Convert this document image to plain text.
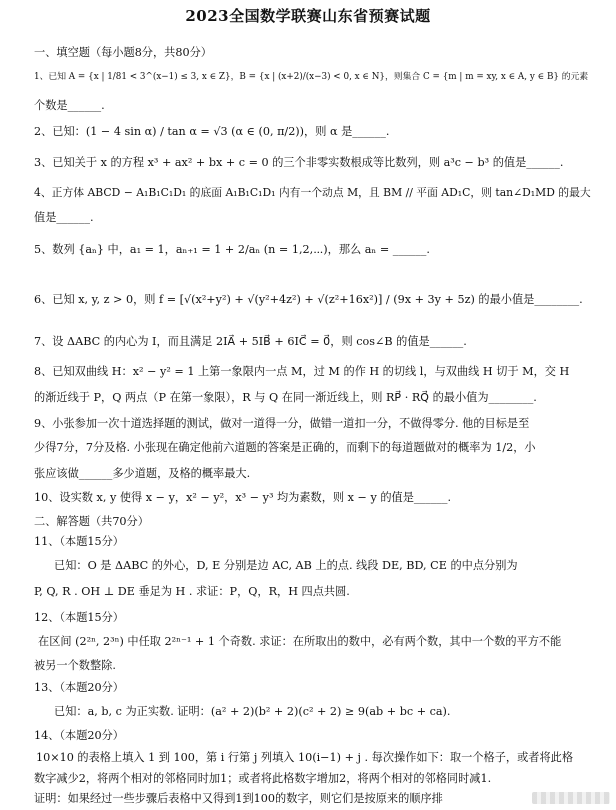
2023全国数学联赛山东省预赛试题
一、填空题（每小题8分，共80分）
1、已知 A = {x | 1/81 < 3^(x−1) ≤ 3, x ∈ Z}，B = {x | (x+2)/(x−3) < 0, x ∈ N}，则集合 C = {m | m = xy, x ∈ A, y ∈ B} 的元素
个数是______.
2、已知：(1 − 4 sin α) / tan α = √3 (α ∈ (0, π/2))，则 α 是______.
3、已知关于 x 的方程 x³ + ax² + bx + c = 0 的三个非零实数根成等比数列，则 a³c − b³ 的值是______.
4、正方体 ABCD − A₁B₁C₁D₁ 的底面 A₁B₁C₁D₁ 内有一个动点 M，且 BM // 平面 AD₁C，则 tan∠D₁MD 的最大
值是______.
5、数列 {aₙ} 中，a₁ = 1，aₙ₊₁ = 1 + 2/aₙ (n = 1,2,⋯)，那么 aₙ = ______.
6、已知 x, y, z > 0，则 f = [√(x²+y²) + √(y²+4z²) + √(z²+16x²)] / (9x + 3y + 5z) 的最小值是________.
7、设 ΔABC 的内心为 I，而且满足 2IA⃗ + 5IB⃗ + 6IC⃗ = 0⃗，则 cos∠B 的值是______.
8、已知双曲线 H：x² − y² = 1 上第一象限内一点 M，过 M 的作 H 的切线 l，与双曲线 H 切于 M，交 H
的渐近线于 P，Q 两点（P 在第一象限），R 与 Q 在同一渐近线上，则 RP⃗ · RQ⃗ 的最小值为________.
9、小张参加一次十道选择题的测试，做对一道得一分，做错一道扣一分，不做得零分. 他的目标是至
少得7分，7分及格. 小张现在确定他前六道题的答案是正确的，而剩下的每道题做对的概率为 1/2，小
张应该做______多少道题，及格的概率最大.
10、设实数 x, y 使得 x − y，x² − y²，x³ − y³ 均为素数，则 x − y 的值是______.
二、解答题（共70分）
11、（本题15分）
已知：O 是 ΔABC 的外心，D, E 分别是边 AC, AB 上的点. 线段 DE, BD, CE 的中点分别为
P, Q, R . OH ⊥ DE 垂足为 H . 求证：P，Q，R，H 四点共圆.
12、（本题15分）
在区间 (2²ⁿ, 2³ⁿ) 中任取 2²ⁿ⁻¹ + 1 个奇数. 求证：在所取出的数中，必有两个数，其中一个数的平方不能
被另一个数整除.
13、（本题20分）
已知：a, b, c 为正实数. 证明：(a² + 2)(b² + 2)(c² + 2) ≥ 9(ab + bc + ca).
14、（本题20分）
10×10 的表格上填入 1 到 100，第 i 行第 j 列填入 10(i−1) + j . 每次操作如下：取一个格子，或者将此格
数字减少2，将两个相对的邻格同时加1；或者将此格数字增加2，将两个相对的邻格同时减1.
证明：如果经过一些步骤后表格中又得到1到100的数字，则它们是按原来的顺序排
